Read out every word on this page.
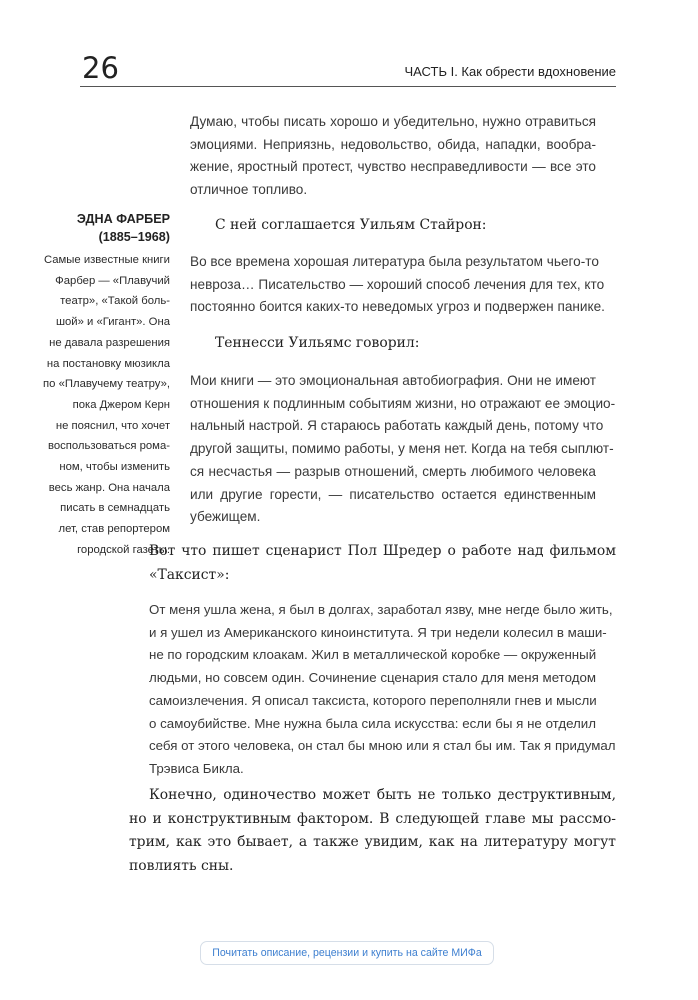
26	ЧАСТЬ I. Как обрести вдохновение
Думаю, чтобы писать хорошо и убедительно, нужно отравиться
эмоциями. Неприязнь, недовольство, обида, нападки, вообра-
жение, яростный протест, чувство несправедливости — все это
отличное топливо.
С ней соглашается Уильям Стайрон:
Во все времена хорошая литература была результатом чьего-то
невроза… Писательство — хороший способ лечения для тех, кто
постоянно боится каких-то неведомых угроз и подвержен панике.
Теннесси Уильямс говорил:
Мои книги — это эмоциональная автобиография. Они не имеют
отношения к подлинным событиям жизни, но отражают ее эмоцио-
нальный настрой. Я стараюсь работать каждый день, потому что
другой защиты, помимо работы, у меня нет. Когда на тебя сыплют-
ся несчастья — разрыв отношений, смерть любимого человека
или другие горести, — писательство остается единственным
убежищем.
ЭДНА ФАРБЕР
(1885–1968)
Самые известные книги
Фарбер — «Плавучий
театр», «Такой боль-
шой» и «Гигант». Она
не давала разрешения
на постановку мюзикла
по «Плавучему театру»,
пока Джером Керн
не пояснил, что хочет
воспользоваться рома-
ном, чтобы изменить
весь жанр. Она начала
писать в семнадцать
лет, став репортером
городской газеты.
Вот что пишет сценарист Пол Шредер о работе над фильмом
«Таксист»:
От меня ушла жена, я был в долгах, заработал язву, мне негде было жить,
и я ушел из Американского киноинститута. Я три недели колесил в маши-
не по городским клоакам. Жил в металлической коробке — окруженный
людьми, но совсем один. Сочинение сценария стало для меня методом
самоизлечения. Я описал таксиста, которого переполняли гнев и мысли
о самоубийстве. Мне нужна была сила искусства: если бы я не отделил
себя от этого человека, он стал бы мною или я стал бы им. Так я придумал
Трэвиса Бикла.
Конечно, одиночество может быть не только деструктивным,
но и конструктивным фактором. В следующей главе мы рассмо-
трим, как это бывает, а также увидим, как на литературу могут
повлиять сны.
Почитать описание, рецензии и купить на сайте МИФа
